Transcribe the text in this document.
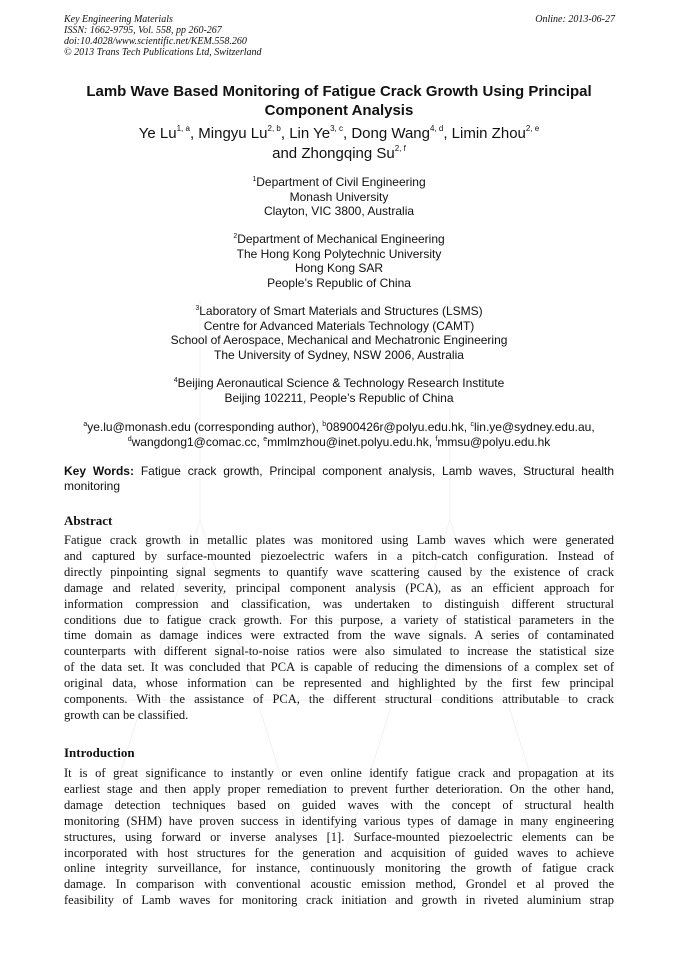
Key Engineering Materials
ISSN: 1662-9795, Vol. 558, pp 260-267
doi:10.4028/www.scientific.net/KEM.558.260
© 2013 Trans Tech Publications Ltd, Switzerland
Online: 2013-06-27
Lamb Wave Based Monitoring of Fatigue Crack Growth Using Principal
Component Analysis
Ye Lu$^{1, a}$, Mingyu Lu$^{2, b}$, Lin Ye$^{3, c}$, Dong Wang$^{4, d}$, Limin Zhou$^{2, e}$
and Zhongqing Su$^{2, f}$
$^1$Department of Civil Engineering
Monash University
Clayton, VIC 3800, Australia
$^2$Department of Mechanical Engineering
The Hong Kong Polytechnic University
Hong Kong SAR
People’s Republic of China
$^3$Laboratory of Smart Materials and Structures (LSMS)
Centre for Advanced Materials Technology (CAMT)
School of Aerospace, Mechanical and Mechatronic Engineering
The University of Sydney, NSW 2006, Australia
$^4$Beijing Aeronautical Science & Technology Research Institute
Beijing 102211, People’s Republic of China
$^a$ye.lu@monash.edu (corresponding author), $^b$08900426r@polyu.edu.hk, $^c$lin.ye@sydney.edu.au,
$^d$wangdong1@comac.cc, $^e$mmlmzhou@inet.polyu.edu.hk, $^f$mmsu@polyu.edu.hk
Key Words: Fatigue crack growth, Principal component analysis, Lamb waves, Structural health monitoring
Abstract
Fatigue crack growth in metallic plates was monitored using Lamb waves which were generated
and captured by surface-mounted piezoelectric wafers in a pitch-catch configuration. Instead of
directly pinpointing signal segments to quantify wave scattering caused by the existence of crack
damage and related severity, principal component analysis (PCA), as an efficient approach for
information compression and classification, was undertaken to distinguish different structural
conditions due to fatigue crack growth. For this purpose, a variety of statistical parameters in the
time domain as damage indices were extracted from the wave signals. A series of contaminated
counterparts with different signal-to-noise ratios were also simulated to increase the statistical size
of the data set. It was concluded that PCA is capable of reducing the dimensions of a complex set of
original data, whose information can be represented and highlighted by the first few principal
components. With the assistance of PCA, the different structural conditions attributable to crack
growth can be classified.
Introduction
It is of great significance to instantly or even online identify fatigue crack and propagation at its
earliest stage and then apply proper remediation to prevent further deterioration. On the other hand,
damage detection techniques based on guided waves with the concept of structural health
monitoring (SHM) have proven success in identifying various types of damage in many engineering
structures, using forward or inverse analyses [1]. Surface-mounted piezoelectric elements can be
incorporated with host structures for the generation and acquisition of guided waves to achieve
online integrity surveillance, for instance, continuously monitoring the growth of fatigue crack
damage. In comparison with conventional acoustic emission method, Grondel et al proved the
feasibility of Lamb waves for monitoring crack initiation and growth in riveted aluminium strap
